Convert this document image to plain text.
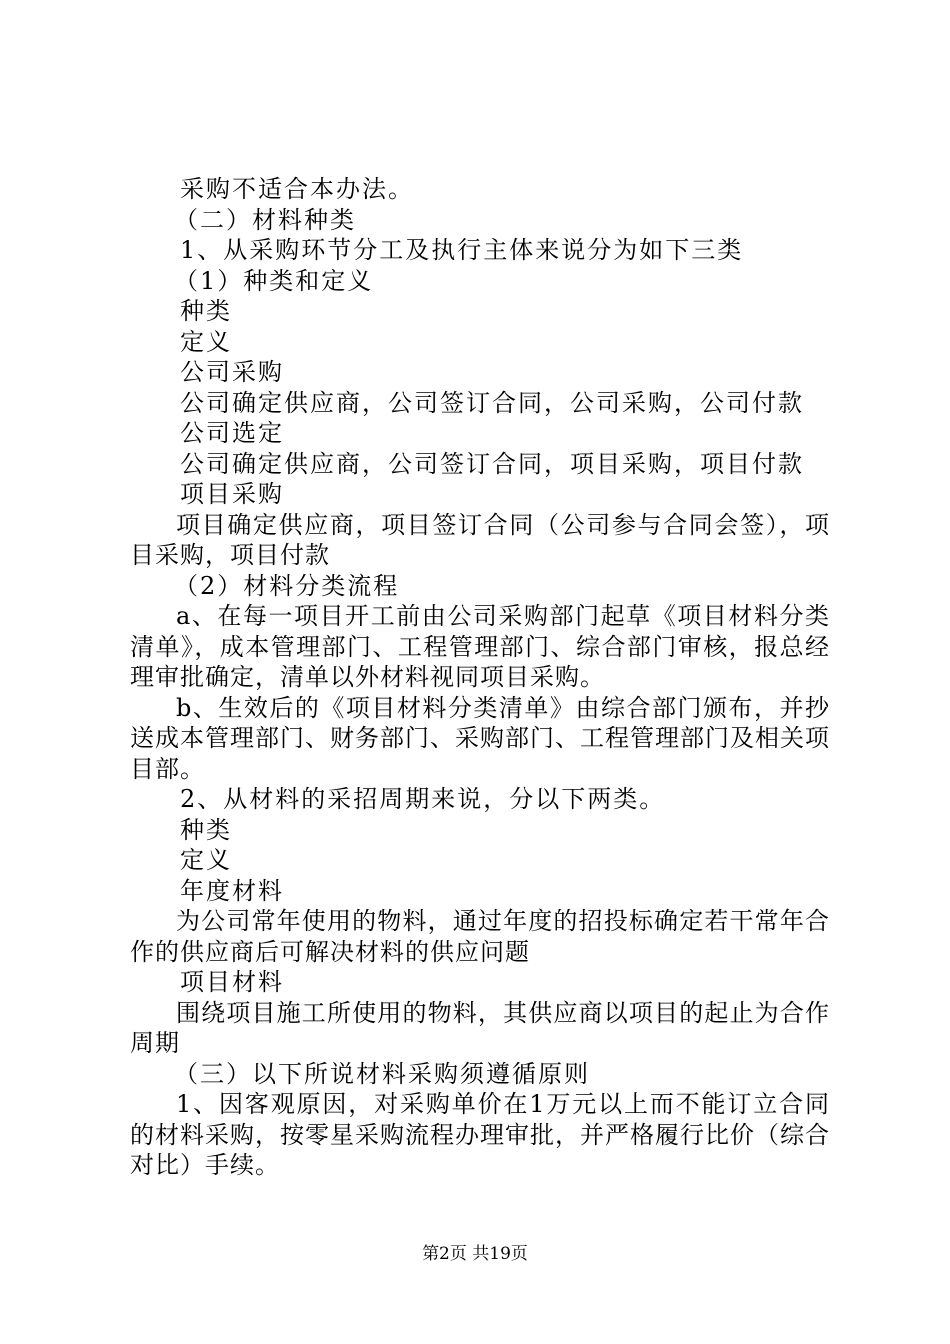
采购不适合本办法。
（二）材料种类
1、从采购环节分工及执行主体来说分为如下三类
（1）种类和定义
种类
定义
公司采购
公司确定供应商，公司签订合同，公司采购，公司付款
公司选定
公司确定供应商，公司签订合同，项目采购，项目付款
项目采购
项目确定供应商，项目签订合同（公司参与合同会签），项目采购，项目付款
（2）材料分类流程
a、在每一项目开工前由公司采购部门起草《项目材料分类清单》，成本管理部门、工程管理部门、综合部门审核，报总经理审批确定，清单以外材料视同项目采购。
b、生效后的《项目材料分类清单》由综合部门颁布，并抄送成本管理部门、财务部门、采购部门、工程管理部门及相关项目部。
2、从材料的采招周期来说，分以下两类。
种类
定义
年度材料
为公司常年使用的物料，通过年度的招投标确定若干常年合作的供应商后可解决材料的供应问题
项目材料
围绕项目施工所使用的物料，其供应商以项目的起止为合作周期
（三）以下所说材料采购须遵循原则
1、因客观原因，对采购单价在1万元以上而不能订立合同的材料采购，按零星采购流程办理审批，并严格履行比价（综合对比）手续。
第2页 共19页
